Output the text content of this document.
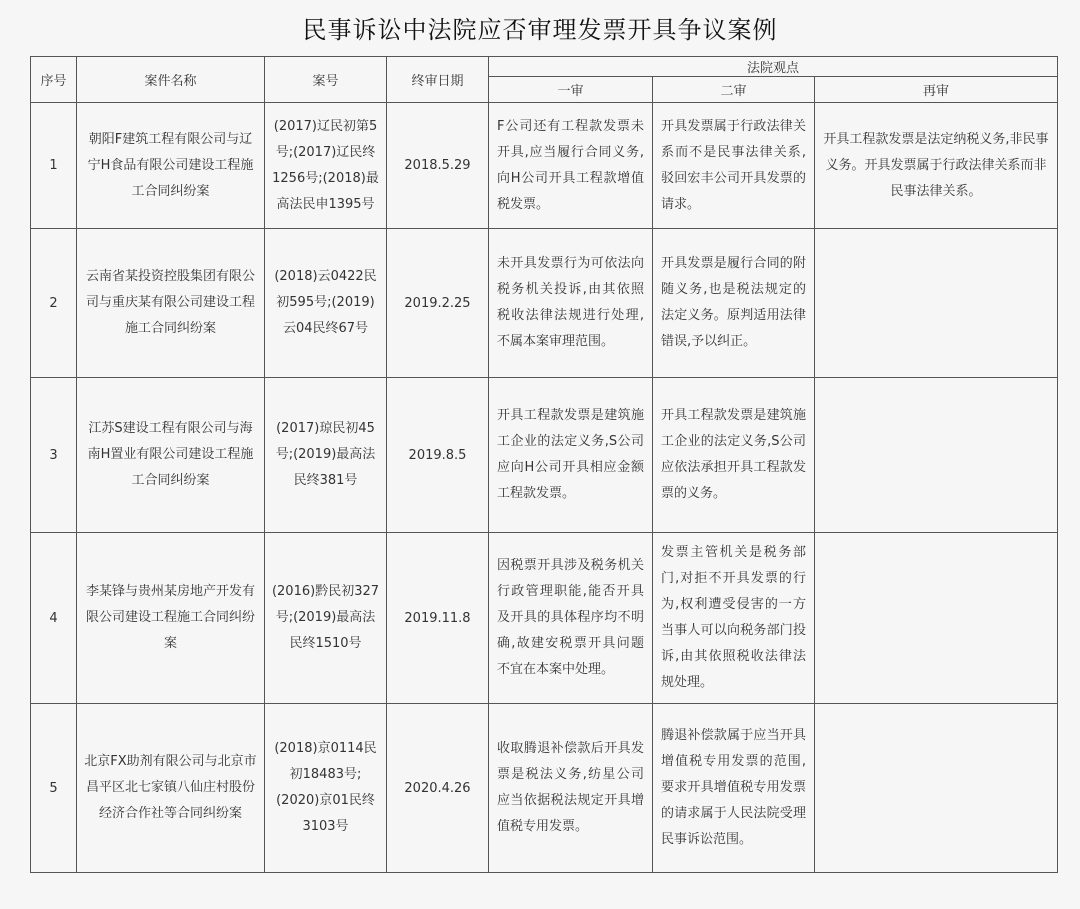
民事诉讼中法院应否审理发票开具争议案例
序号	案件名称	案号	终审日期	法院观点		
				一审	二审	再审
1	朝阳F建筑工程有限公司与辽宁H食品有限公司建设工程施工合同纠纷案	(2017)辽民初第5号;(2017)辽民终1256号;(2018)最高法民申1395号	2018.5.29	F公司还有工程款发票未开具,应当履行合同义务,向H公司开具工程款增值税发票。	开具发票属于行政法律关系而不是民事法律关系,驳回宏丰公司开具发票的请求。	开具工程款发票是法定纳税义务,非民事义务。开具发票属于行政法律关系而非民事法律关系。
2	云南省某投资控股集团有限公司与重庆某有限公司建设工程施工合同纠纷案	(2018)云0422民初595号;(2019)云04民终67号	2019.2.25	未开具发票行为可依法向税务机关投诉,由其依照税收法律法规进行处理,不属本案审理范围。	开具发票是履行合同的附随义务,也是税法规定的法定义务。原判适用法律错误,予以纠正。	
3	江苏S建设工程有限公司与海南H置业有限公司建设工程施工合同纠纷案	(2017)琼民初45号;(2019)最高法民终381号	2019.8.5	开具工程款发票是建筑施工企业的法定义务,S公司应向H公司开具相应金额工程款发票。	开具工程款发票是建筑施工企业的法定义务,S公司应依法承担开具工程款发票的义务。	
4	李某锋与贵州某房地产开发有限公司建设工程施工合同纠纷案	(2016)黔民初327号;(2019)最高法民终1510号	2019.11.8	因税票开具涉及税务机关行政管理职能,能否开具及开具的具体程序均不明确,故建安税票开具问题不宜在本案中处理。	发票主管机关是税务部门,对拒不开具发票的行为,权利遭受侵害的一方当事人可以向税务部门投诉,由其依照税收法律法规处理。	
5	北京FX助剂有限公司与北京市昌平区北七家镇八仙庄村股份经济合作社等合同纠纷案	(2018)京0114民初18483号;(2020)京01民终3103号	2020.4.26	收取腾退补偿款后开具发票是税法义务,纺星公司应当依据税法规定开具增值税专用发票。	腾退补偿款属于应当开具增值税专用发票的范围,要求开具增值税专用发票的请求属于人民法院受理民事诉讼范围。	
